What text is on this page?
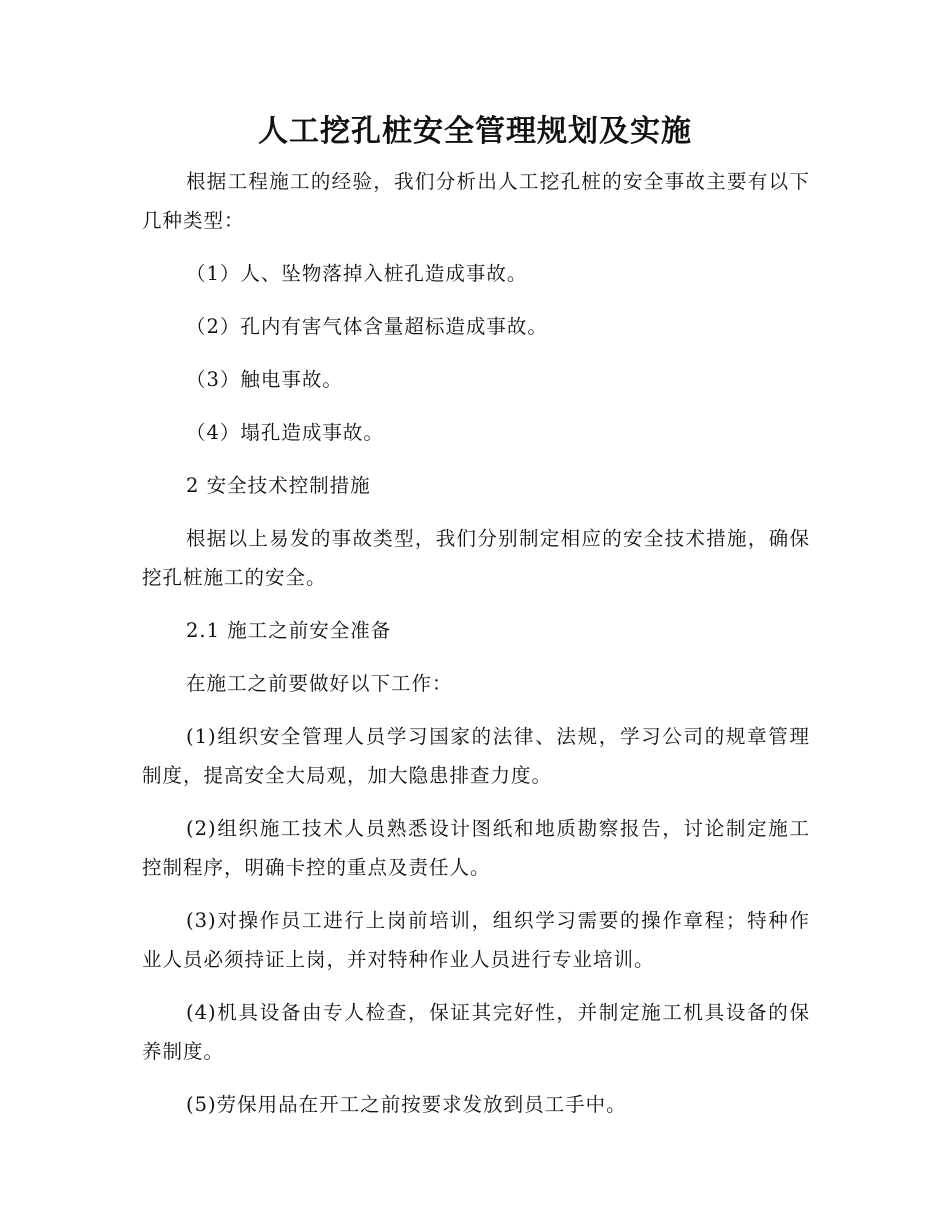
人工挖孔桩安全管理规划及实施

根据工程施工的经验，我们分析出人工挖孔桩的安全事故主要有以下几种类型：

（1）人、坠物落掉入桩孔造成事故。

（2）孔内有害气体含量超标造成事故。

（3）触电事故。

（4）塌孔造成事故。

2 安全技术控制措施

根据以上易发的事故类型，我们分别制定相应的安全技术措施，确保挖孔桩施工的安全。

2.1 施工之前安全准备

在施工之前要做好以下工作：

(1)组织安全管理人员学习国家的法律、法规，学习公司的规章管理制度，提高安全大局观，加大隐患排查力度。

(2)组织施工技术人员熟悉设计图纸和地质勘察报告，讨论制定施工控制程序，明确卡控的重点及责任人。

(3)对操作员工进行上岗前培训，组织学习需要的操作章程；特种作业人员必须持证上岗，并对特种作业人员进行专业培训。

(4)机具设备由专人检查，保证其完好性，并制定施工机具设备的保养制度。

(5)劳保用品在开工之前按要求发放到员工手中。
